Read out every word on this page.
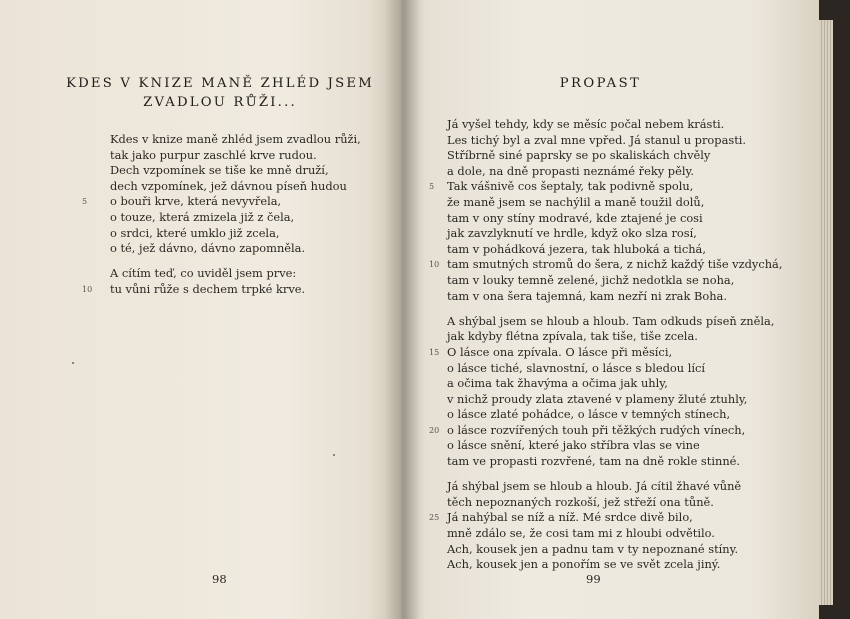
KDES V KNIZE MANĚ ZHLÉD JSEM
ZVADLOU RŮŽI...
Kdes v knize maně zhléd jsem zvadlou růži,
tak jako purpur zaschlé krve rudou.
Dech vzpomínek se tiše ke mně druží,
dech vzpomínek, jež dávnou píseň hudou
5 o bouři krve, která nevyvřela,
o touze, která zmizela již z čela,
o srdci, které umklo již zcela,
o té, jež dávno, dávno zapomněla.
A cítím teď, co uviděl jsem prve:
10 tu vůni růže s dechem trpké krve.
PROPAST
Já vyšel tehdy, kdy se měsíc počal nebem krásti.
Les tichý byl a zval mne vpřed. Já stanul u propasti.
Stříbrně siné paprsky se po skaliskách chvěly
a dole, na dně propasti neznámé řeky pěly.
5 Tak vášnivě cos šeptaly, tak podivně spolu,
že maně jsem se nachýlil a maně toužil dolů,
tam v ony stíny modravé, kde ztajené je cosi
jak zavzlyknutí ve hrdle, když oko slza rosí,
tam v pohádková jezera, tak hluboká a tichá,
10 tam smutných stromů do šera, z nichž každý tiše vzdychá,
tam v louky temně zelené, jichž nedotkla se noha,
tam v ona šera tajemná, kam nezří ni zrak Boha.
A shýbal jsem se hloub a hloub. Tam odkuds píseň zněla,
jak kdyby flétna zpívala, tak tiše, tiše zcela.
15 O lásce ona zpívala. O lásce při měsíci,
o lásce tiché, slavnostní, o lásce s bledou lící
a očima tak žhavýma a očima jak uhly,
v nichž proudy zlata ztavené v plameny žluté ztuhly,
o lásce zlaté pohádce, o lásce v temných stínech,
20 o lásce rozvířených touh při těžkých rudých vínech,
o lásce snění, které jako stříbra vlas se vine
tam ve propasti rozvřené, tam na dně rokle stinné.
Já shýbal jsem se hloub a hloub. Já cítil žhavé vůně
těch nepoznaných rozkoší, jež střeží ona tůně.
25 Já nahýbal se níž a níž. Mé srdce divě bilo,
mně zdálo se, že cosi tam mi z hloubi odvětilo.
Ach, kousek jen a padnu tam v ty nepoznané stíny.
Ach, kousek jen a ponořím se ve svět zcela jiný.
98	99
